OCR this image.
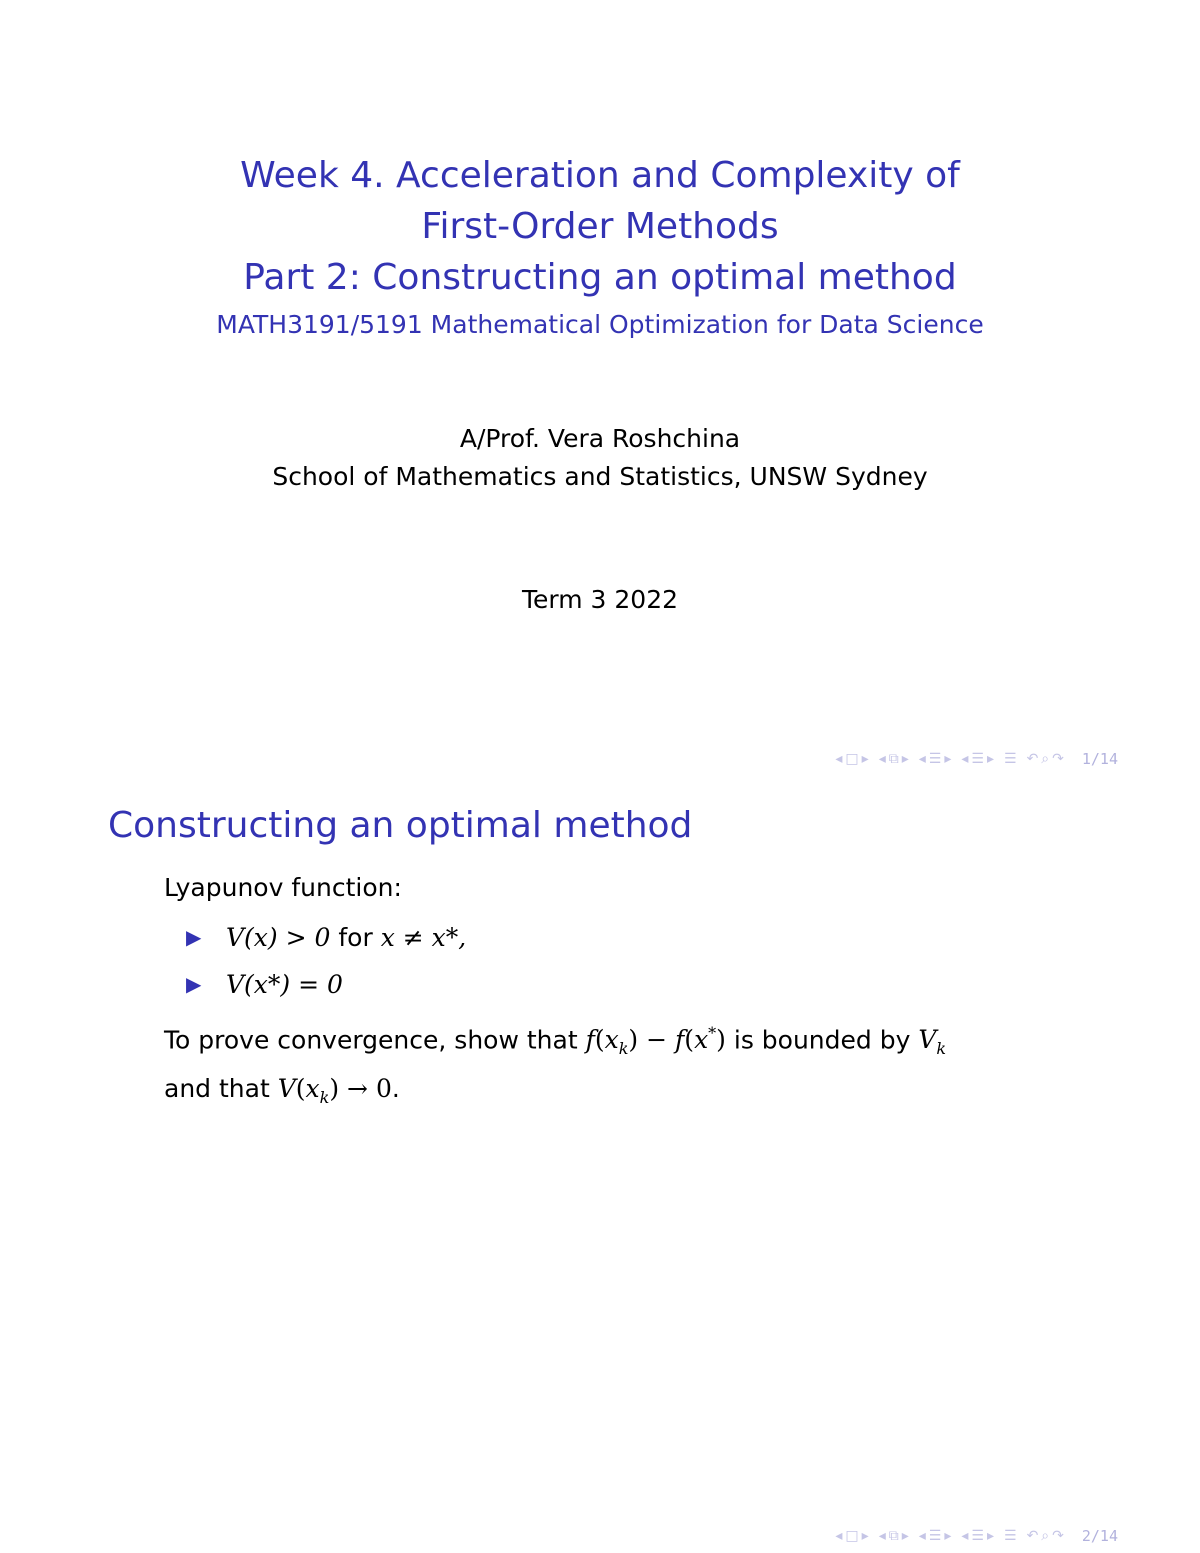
Week 4. Acceleration and Complexity of
First-Order Methods
Part 2: Constructing an optimal method
MATH3191/5191 Mathematical Optimization for Data Science
A/Prof. Vera Roshchina
School of Mathematics and Statistics, UNSW Sydney
Term 3 2022
◂ □ ▸ ◂ ⧉ ▸ ◂ ☰ ▸ ◂ ☰ ▸ ☰ ↶ ⌕ ↷ 1/14
Constructing an optimal method

Lyapunov function:

▶ V(x) > 0 for x ≠ x*,
▶ V(x*) = 0

To prove convergence, show that $f(x_k) - f(x^*)$ is bounded by $V_k$
and that $V(x_k) \to 0$.

◂ □ ▸ ◂ ⧉ ▸ ◂ ☰ ▸ ◂ ☰ ▸ ☰ ↶ ⌕ ↷ 2/14
